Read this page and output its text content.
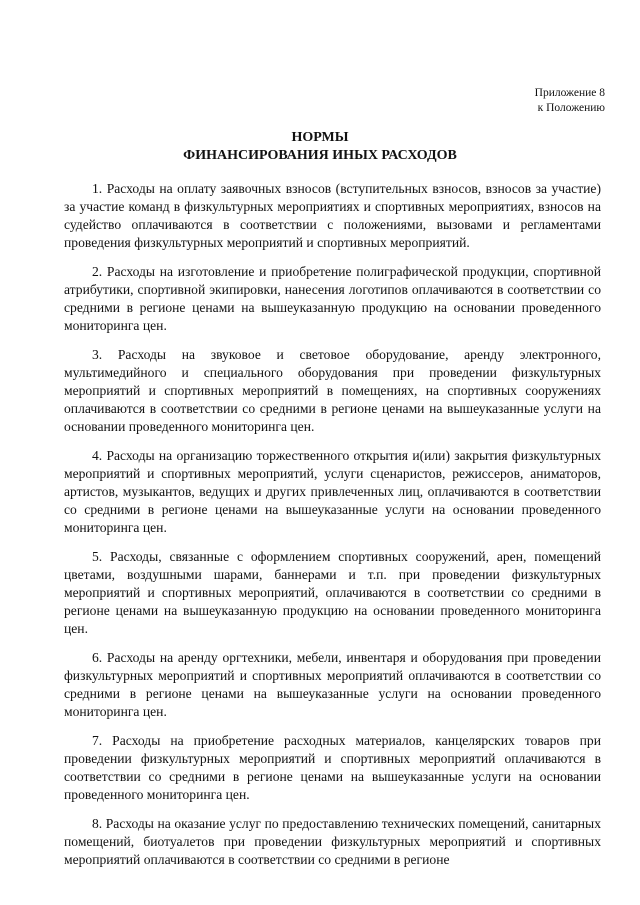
Приложение 8
к Положению
НОРМЫ
ФИНАНСИРОВАНИЯ ИНЫХ РАСХОДОВ

1. Расходы на оплату заявочных взносов (вступительных взносов, взносов за участие) за участие команд в физкультурных мероприятиях и спортивных мероприятиях, взносов на судейство оплачиваются в соответствии с положениями, вызовами и регламентами проведения физкультурных мероприятий и спортивных мероприятий.

2. Расходы на изготовление и приобретение полиграфической продукции, спортивной атрибутики, спортивной экипировки, нанесения логотипов оплачиваются в соответствии со средними в регионе ценами на вышеуказанную продукцию на основании проведенного мониторинга цен.

3. Расходы на звуковое и световое оборудование, аренду электронного, мультимедийного и специального оборудования при проведении физкультурных мероприятий и спортивных мероприятий в помещениях, на спортивных сооружениях оплачиваются в соответствии со средними в регионе ценами на вышеуказанные услуги на основании проведенного мониторинга цен.

4. Расходы на организацию торжественного открытия и(или) закрытия физкультурных мероприятий и спортивных мероприятий, услуги сценаристов, режиссеров, аниматоров, артистов, музыкантов, ведущих и других привлеченных лиц, оплачиваются в соответствии со средними в регионе ценами на вышеуказанные услуги на основании проведенного мониторинга цен.

5. Расходы, связанные с оформлением спортивных сооружений, арен, помещений цветами, воздушными шарами, баннерами и т.п. при проведении физкультурных мероприятий и спортивных мероприятий, оплачиваются в соответствии со средними в регионе ценами на вышеуказанную продукцию на основании проведенного мониторинга цен.

6. Расходы на аренду оргтехники, мебели, инвентаря и оборудования при проведении физкультурных мероприятий и спортивных мероприятий оплачиваются в соответствии со средними в регионе ценами на вышеуказанные услуги на основании проведенного мониторинга цен.

7. Расходы на приобретение расходных материалов, канцелярских товаров при проведении физкультурных мероприятий и спортивных мероприятий оплачиваются в соответствии со средними в регионе ценами на вышеуказанные услуги на основании проведенного мониторинга цен.

8. Расходы на оказание услуг по предоставлению технических помещений, санитарных помещений, биотуалетов при проведении физкультурных мероприятий и спортивных мероприятий оплачиваются в соответствии со средними в регионе
